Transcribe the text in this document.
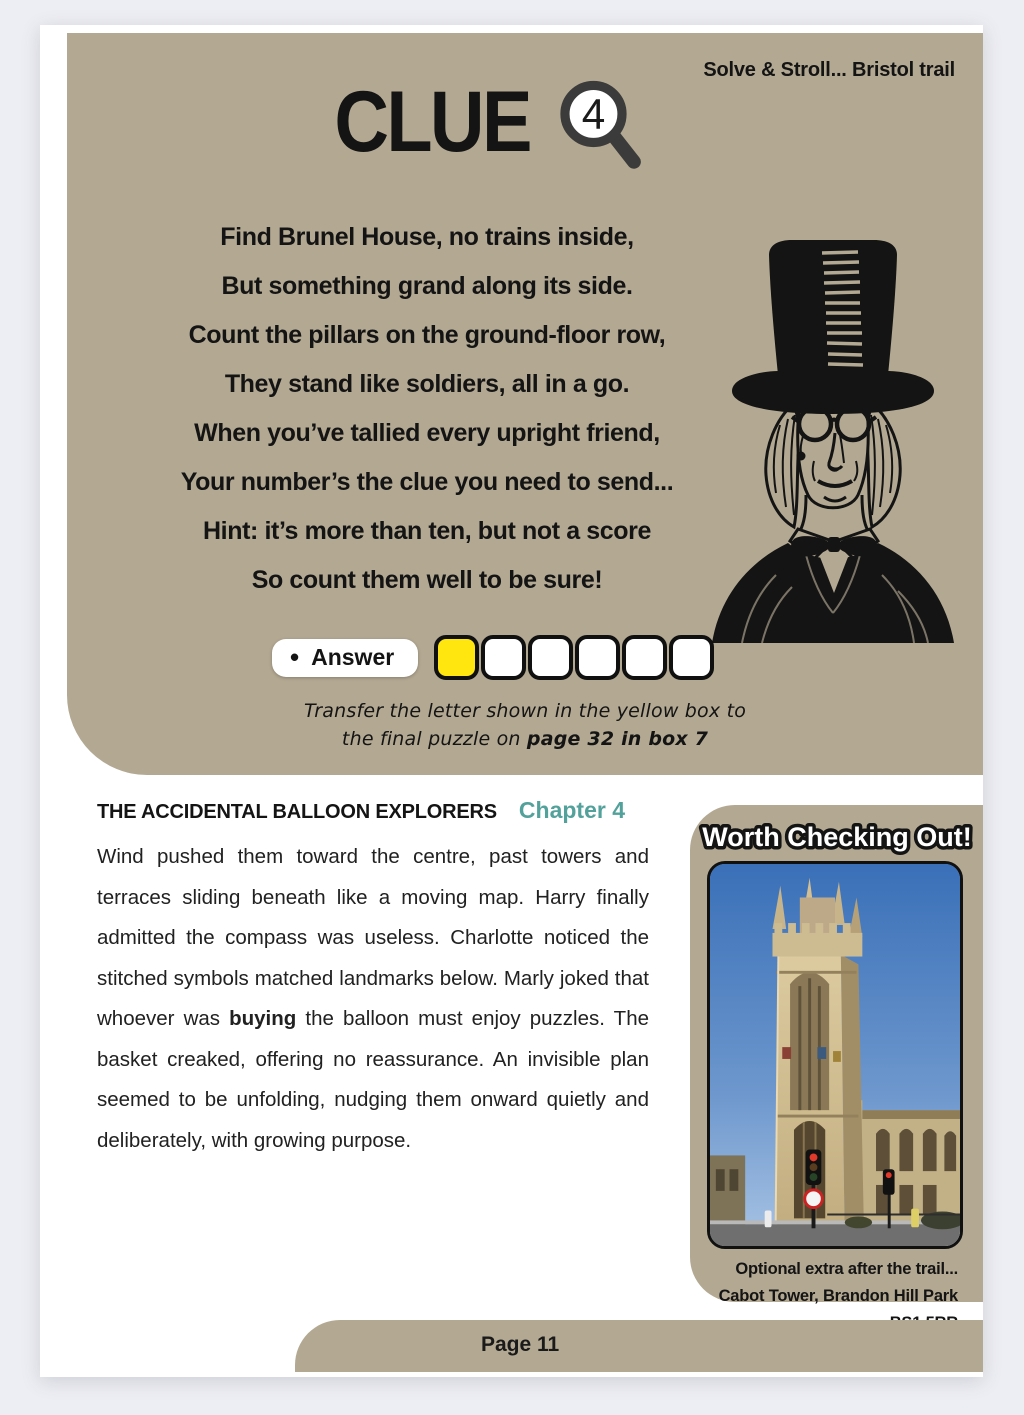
Solve & Stroll... Bristol trail
CLUE 4
Find Brunel House, no trains inside,
But something grand along its side.
Count the pillars on the ground-floor row,
They stand like soldiers, all in a go.
When you’ve tallied every upright friend,
Your number’s the clue you need to send...
Hint: it’s more than ten, but not a score
So count them well to be sure!
• Answer
Transfer the letter shown in the yellow box to
the final puzzle on page 32 in box 7
THE ACCIDENTAL BALLOON EXPLORERS Chapter 4

Wind pushed them toward the centre, past towers and terraces sliding beneath like a moving map. Harry finally admitted the compass was useless. Charlotte noticed the stitched symbols matched landmarks below. Marly joked that whoever was buying the balloon must enjoy puzzles. The basket creaked, offering no reassurance. An invisible plan seemed to be unfolding, nudging them onward quietly and deliberately, with growing purpose.

Worth Checking Out!
Optional extra after the trail...
Cabot Tower, Brandon Hill Park
Page 11
